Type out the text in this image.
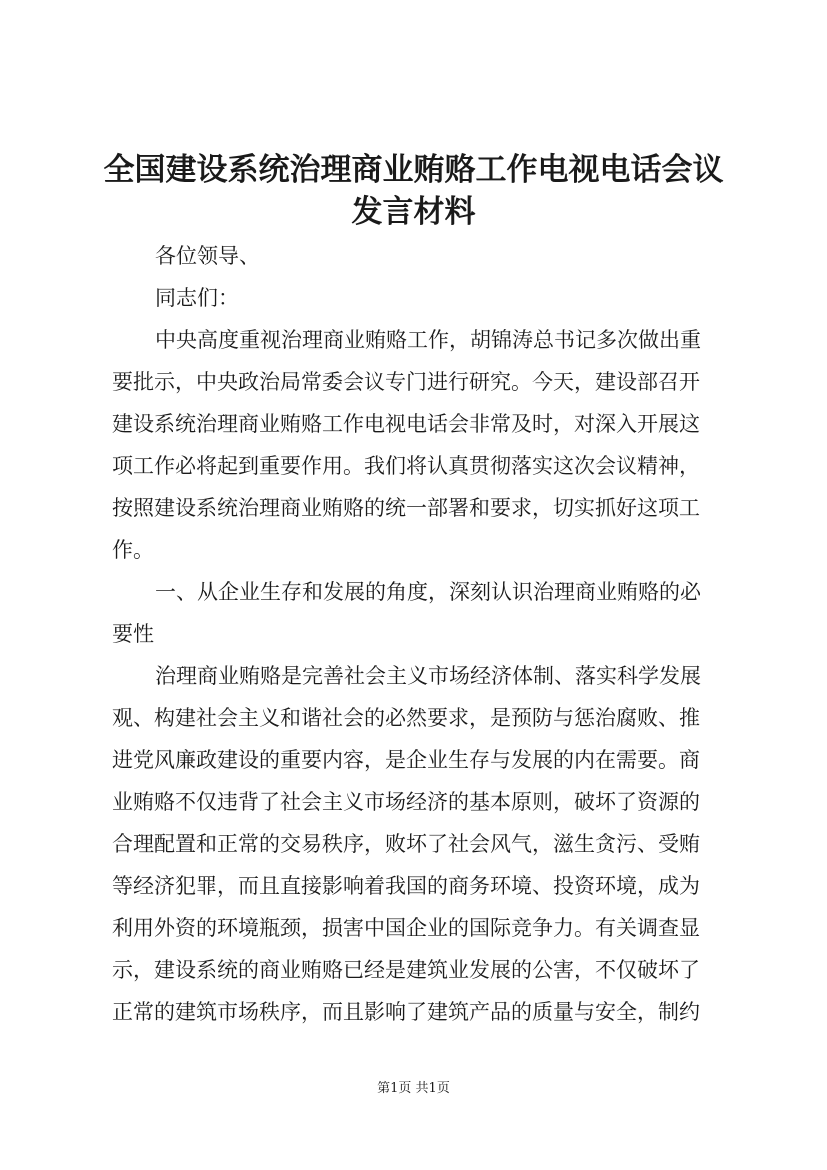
全国建设系统治理商业贿赂工作电视电话会议
发言材料
各位领导、
同志们：
中央高度重视治理商业贿赂工作，胡锦涛总书记多次做出重
要批示，中央政治局常委会议专门进行研究。今天，建设部召开
建设系统治理商业贿赂工作电视电话会非常及时，对深入开展这
项工作必将起到重要作用。我们将认真贯彻落实这次会议精神，
按照建设系统治理商业贿赂的统一部署和要求，切实抓好这项工
作。
一、从企业生存和发展的角度，深刻认识治理商业贿赂的必
要性
治理商业贿赂是完善社会主义市场经济体制、落实科学发展
观、构建社会主义和谐社会的必然要求，是预防与惩治腐败、推
进党风廉政建设的重要内容，是企业生存与发展的内在需要。商
业贿赂不仅违背了社会主义市场经济的基本原则，破坏了资源的
合理配置和正常的交易秩序，败坏了社会风气，滋生贪污、受贿
等经济犯罪，而且直接影响着我国的商务环境、投资环境，成为
利用外资的环境瓶颈，损害中国企业的国际竞争力。有关调查显
示，建设系统的商业贿赂已经是建筑业发展的公害，不仅破坏了
正常的建筑市场秩序，而且影响了建筑产品的质量与安全，制约
第1页 共1页
